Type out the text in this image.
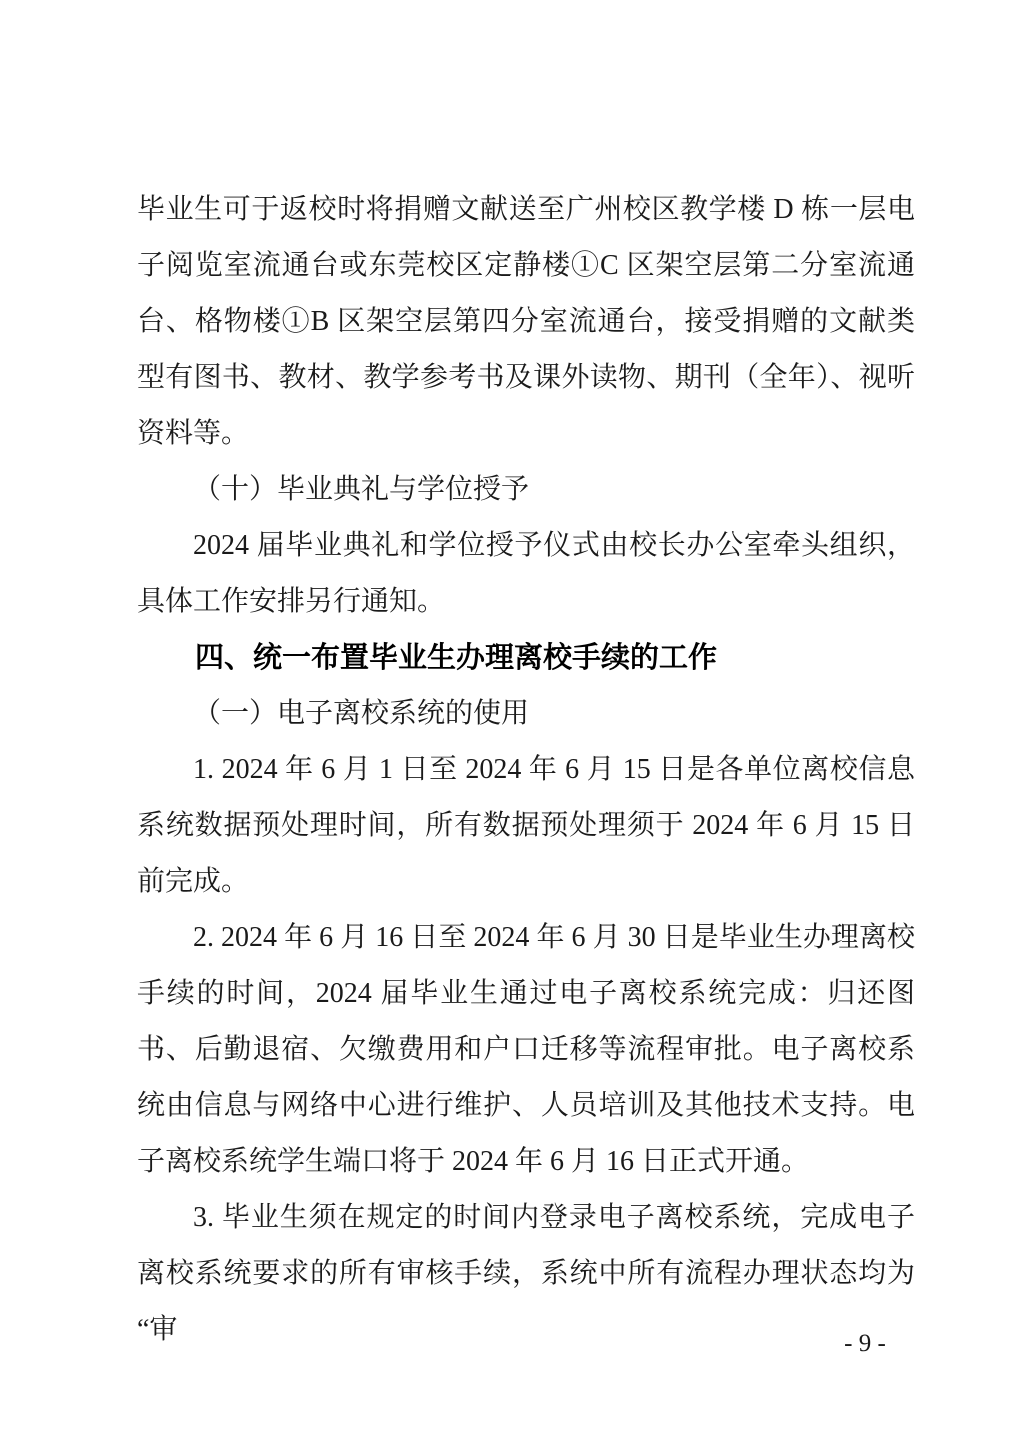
毕业生可于返校时将捐赠文献送至广州校区教学楼 D 栋一层电子阅览室流通台或东莞校区定静楼①C 区架空层第二分室流通台、格物楼①B 区架空层第四分室流通台，接受捐赠的文献类型有图书、教材、教学参考书及课外读物、期刊（全年）、视听资料等。

（十）毕业典礼与学位授予

2024 届毕业典礼和学位授予仪式由校长办公室牵头组织，具体工作安排另行通知。

四、统一布置毕业生办理离校手续的工作

（一）电子离校系统的使用

1. 2024 年 6 月 1 日至 2024 年 6 月 15 日是各单位离校信息系统数据预处理时间，所有数据预处理须于 2024 年 6 月 15 日前完成。

2. 2024 年 6 月 16 日至 2024 年 6 月 30 日是毕业生办理离校手续的时间，2024 届毕业生通过电子离校系统完成：归还图书、后勤退宿、欠缴费用和户口迁移等流程审批。电子离校系统由信息与网络中心进行维护、人员培训及其他技术支持。电子离校系统学生端口将于 2024 年 6 月 16 日正式开通。

3. 毕业生须在规定的时间内登录电子离校系统，完成电子离校系统要求的所有审核手续，系统中所有流程办理状态均为“审	- 9 -
